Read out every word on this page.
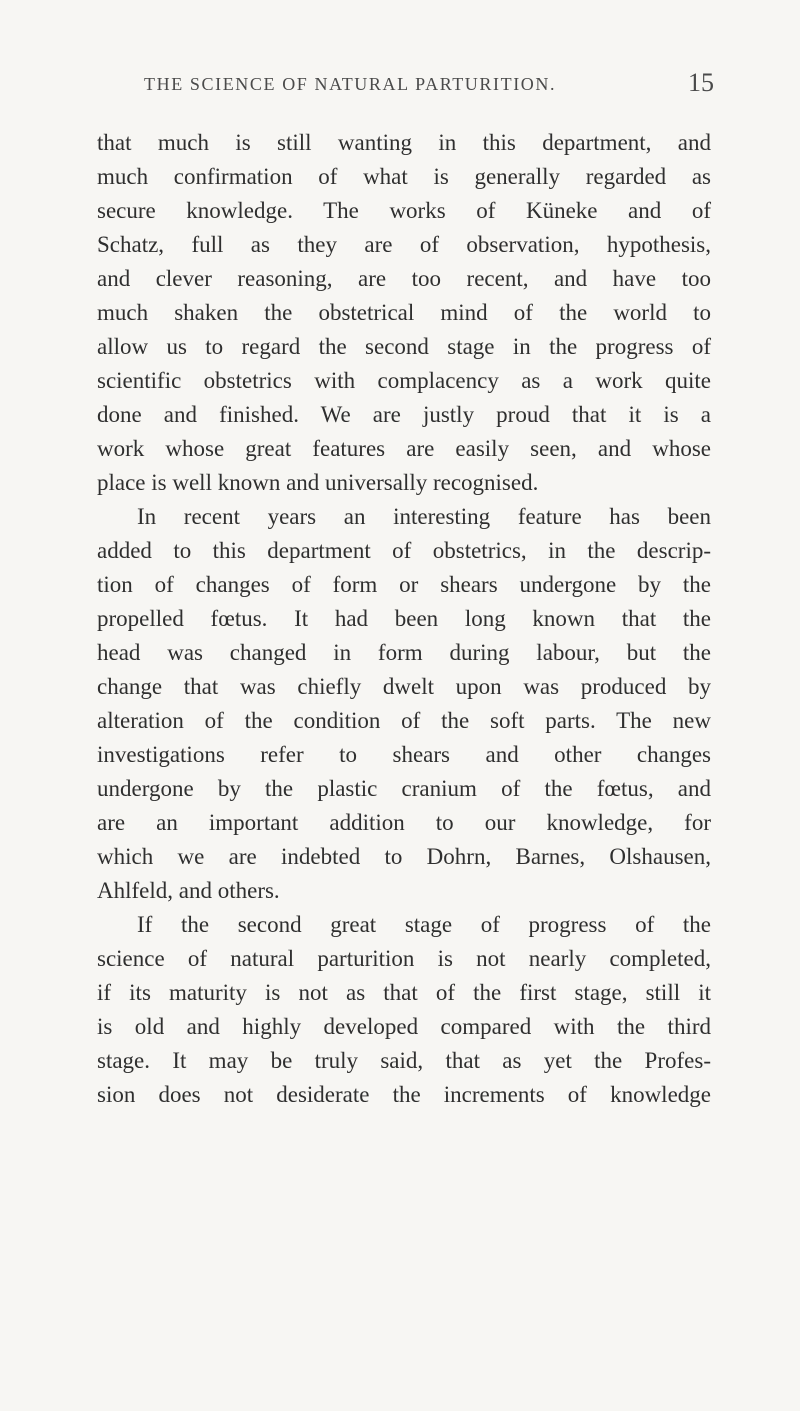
THE SCIENCE OF NATURAL PARTURITION.	15
that much is still wanting in this department, and
much confirmation of what is generally regarded as
secure knowledge. The works of Küneke and of
Schatz, full as they are of observation, hypothesis,
and clever reasoning, are too recent, and have too
much shaken the obstetrical mind of the world to
allow us to regard the second stage in the progress of
scientific obstetrics with complacency as a work quite
done and finished. We are justly proud that it is a
work whose great features are easily seen, and whose
place is well known and universally recognised.
In recent years an interesting feature has been
added to this department of obstetrics, in the descrip-
tion of changes of form or shears undergone by the
propelled fœtus. It had been long known that the
head was changed in form during labour, but the
change that was chiefly dwelt upon was produced by
alteration of the condition of the soft parts. The new
investigations refer to shears and other changes
undergone by the plastic cranium of the fœtus, and
are an important addition to our knowledge, for
which we are indebted to Dohrn, Barnes, Olshausen,
Ahlfeld, and others.
If the second great stage of progress of the
science of natural parturition is not nearly completed,
if its maturity is not as that of the first stage, still it
is old and highly developed compared with the third
stage. It may be truly said, that as yet the Profes-
sion does not desiderate the increments of knowledge
